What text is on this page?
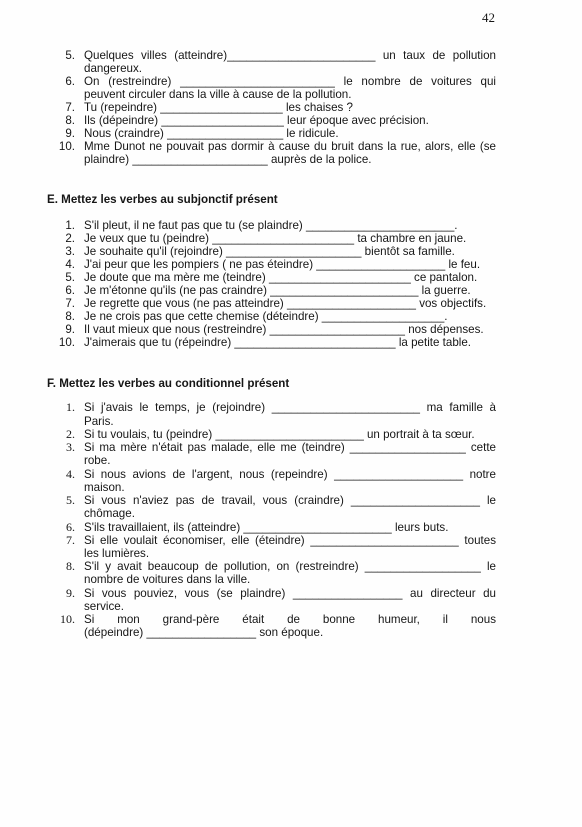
42
5. Quelques villes (atteindre)_______________________ un taux de pollution
dangereux.
6. On (restreindre) ________________________ le nombre de voitures qui
peuvent circuler dans la ville à cause de la pollution.
7. Tu (repeindre) ___________________ les chaises ?
8. Ils (dépeindre) ___________________ leur époque avec précision.
9. Nous (craindre) __________________ le ridicule.
10. Mme Dunot ne pouvait pas dormir à cause du bruit dans la rue, alors, elle (se
plaindre) _____________________ auprès de la police.
E. Mettez les verbes au subjonctif présent
1. S'il pleut, il ne faut pas que tu (se plaindre) _______________________.
2. Je veux que tu (peindre) ______________________ ta chambre en jaune.
3. Je souhaite qu'il (rejoindre) _____________________ bientôt sa famille.
4. J'ai peur que les pompiers ( ne pas éteindre) ____________________ le feu.
5. Je doute que ma mère me (teindre) ______________________ ce pantalon.
6. Je m'étonne qu'ils (ne pas craindre) _______________________ la guerre.
7. Je regrette que vous (ne pas atteindre) ____________________ vos objectifs.
8. Je ne crois pas que cette chemise (déteindre) ___________________.
9. Il vaut mieux que nous (restreindre) _____________________ nos dépenses.
10. J'aimerais que tu (répeindre) _________________________ la petite table.
F. Mettez les verbes au conditionnel présent
1. Si j'avais le temps, je (rejoindre) _______________________ ma famille à
Paris.
2. Si tu voulais, tu (peindre) _______________________ un portrait à ta sœur.
3. Si ma mère n'était pas malade, elle me (teindre) __________________ cette
robe.
4. Si nous avions de l'argent, nous (repeindre) ____________________ notre
maison.
5. Si vous n'aviez pas de travail, vous (craindre) ____________________ le
chômage.
6. S'ils travaillaient, ils (atteindre) _______________________ leurs buts.
7. Si elle voulait économiser, elle (éteindre) _______________________ toutes
les lumières.
8. S'il y avait beaucoup de pollution, on (restreindre) __________________ le
nombre de voitures dans la ville.
9. Si vous pouviez, vous (se plaindre) _________________ au directeur du
service.
10. Si mon grand-père était de bonne humeur, il nous
(dépeindre) _________________ son époque.
